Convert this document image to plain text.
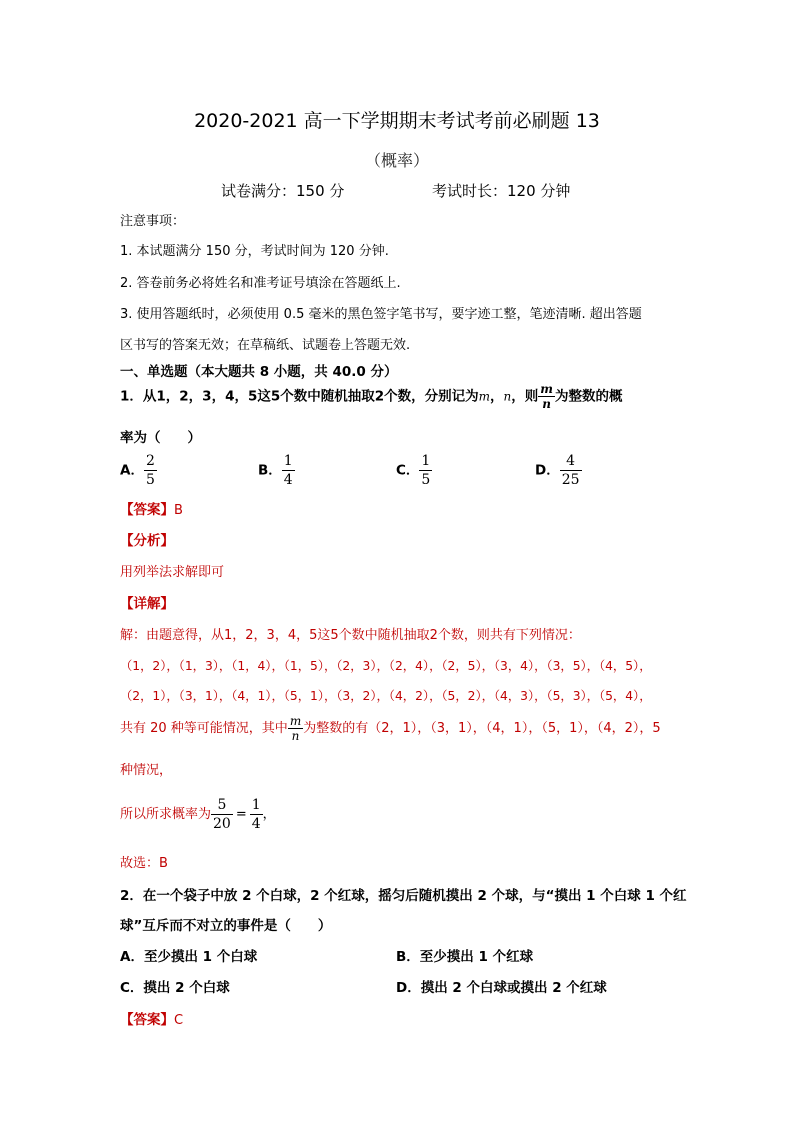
2020-2021 高一下学期期末考试考前必刷题 13
（概率）
试卷满分：150 分	考试时长：120 分钟
注意事项：
1. 本试题满分 150 分，考试时间为 120 分钟.
2. 答卷前务必将姓名和准考证号填涂在答题纸上.
3. 使用答题纸时，必须使用 0.5 毫米的黑色签字笔书写，要字迹工整，笔迹清晰. 超出答题
区书写的答案无效；在草稿纸、试题卷上答题无效.
一、单选题（本大题共 8 小题，共 40.0 分）
1．从1，2，3，4，5这5个数中随机抽取2个数，分别记为m，n，则 $\frac{m}{n}$ 为整数的概
率为（　　）
A． $\frac{2}{5}$	B． $\frac{1}{4}$	C． $\frac{1}{5}$	D． $\frac{4}{25}$
【答案】B
【分析】
用列举法求解即可
【详解】
解：由题意得，从1，2，3，4，5这5个数中随机抽取2个数，则共有下列情况：
（1，2），（1，3），（1，4），（1，5），（2，3），（2，4），（2，5），（3，4），（3，5），（4，5），
（2，1），（3，1），（4，1），（5，1），（3，2），（4，2），（5，2），（4，3），（5，3），（5，4），
共有 20 种等可能情况，其中 $\frac{m}{n}$ 为整数的有（2，1），（3，1），（4，1），（5，1），（4，2），5
种情况，
所以所求概率为 $\frac{5}{20} = \frac{1}{4}$ ，
故选：B
2．在一个袋子中放 2 个白球，2 个红球，摇匀后随机摸出 2 个球，与“摸出 1 个白球 1 个红
球”互斥而不对立的事件是（　　）
A．至少摸出 1 个白球	B．至少摸出 1 个红球
C．摸出 2 个白球	D．摸出 2 个白球或摸出 2 个红球
【答案】C
